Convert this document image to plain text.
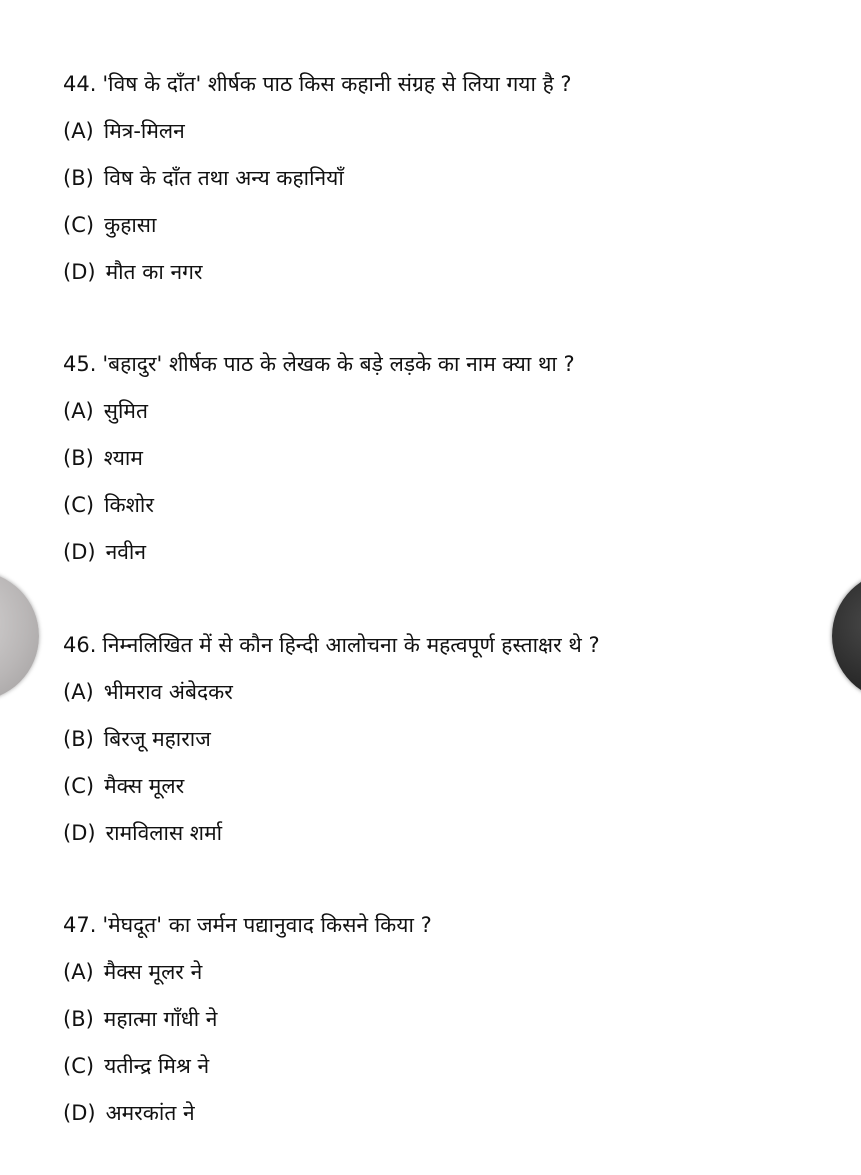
44. 'विष के दाँत' शीर्षक पाठ किस कहानी संग्रह से लिया गया है ?
(A) मित्र-मिलन
(B) विष के दाँत तथा अन्य कहानियाँ
(C) कुहासा
(D) मौत का नगर
45. 'बहादुर' शीर्षक पाठ के लेखक के बड़े लड़के का नाम क्या था ?
(A) सुमित
(B) श्याम
(C) किशोर
(D) नवीन
46. निम्नलिखित में से कौन हिन्दी आलोचना के महत्वपूर्ण हस्ताक्षर थे ?
(A) भीमराव अंबेदकर
(B) बिरजू महाराज
(C) मैक्स मूलर
(D) रामविलास शर्मा
47. 'मेघदूत' का जर्मन पद्यानुवाद किसने किया ?
(A) मैक्स मूलर ने
(B) महात्मा गाँधी ने
(C) यतीन्द्र मिश्र ने
(D) अमरकांत ने
